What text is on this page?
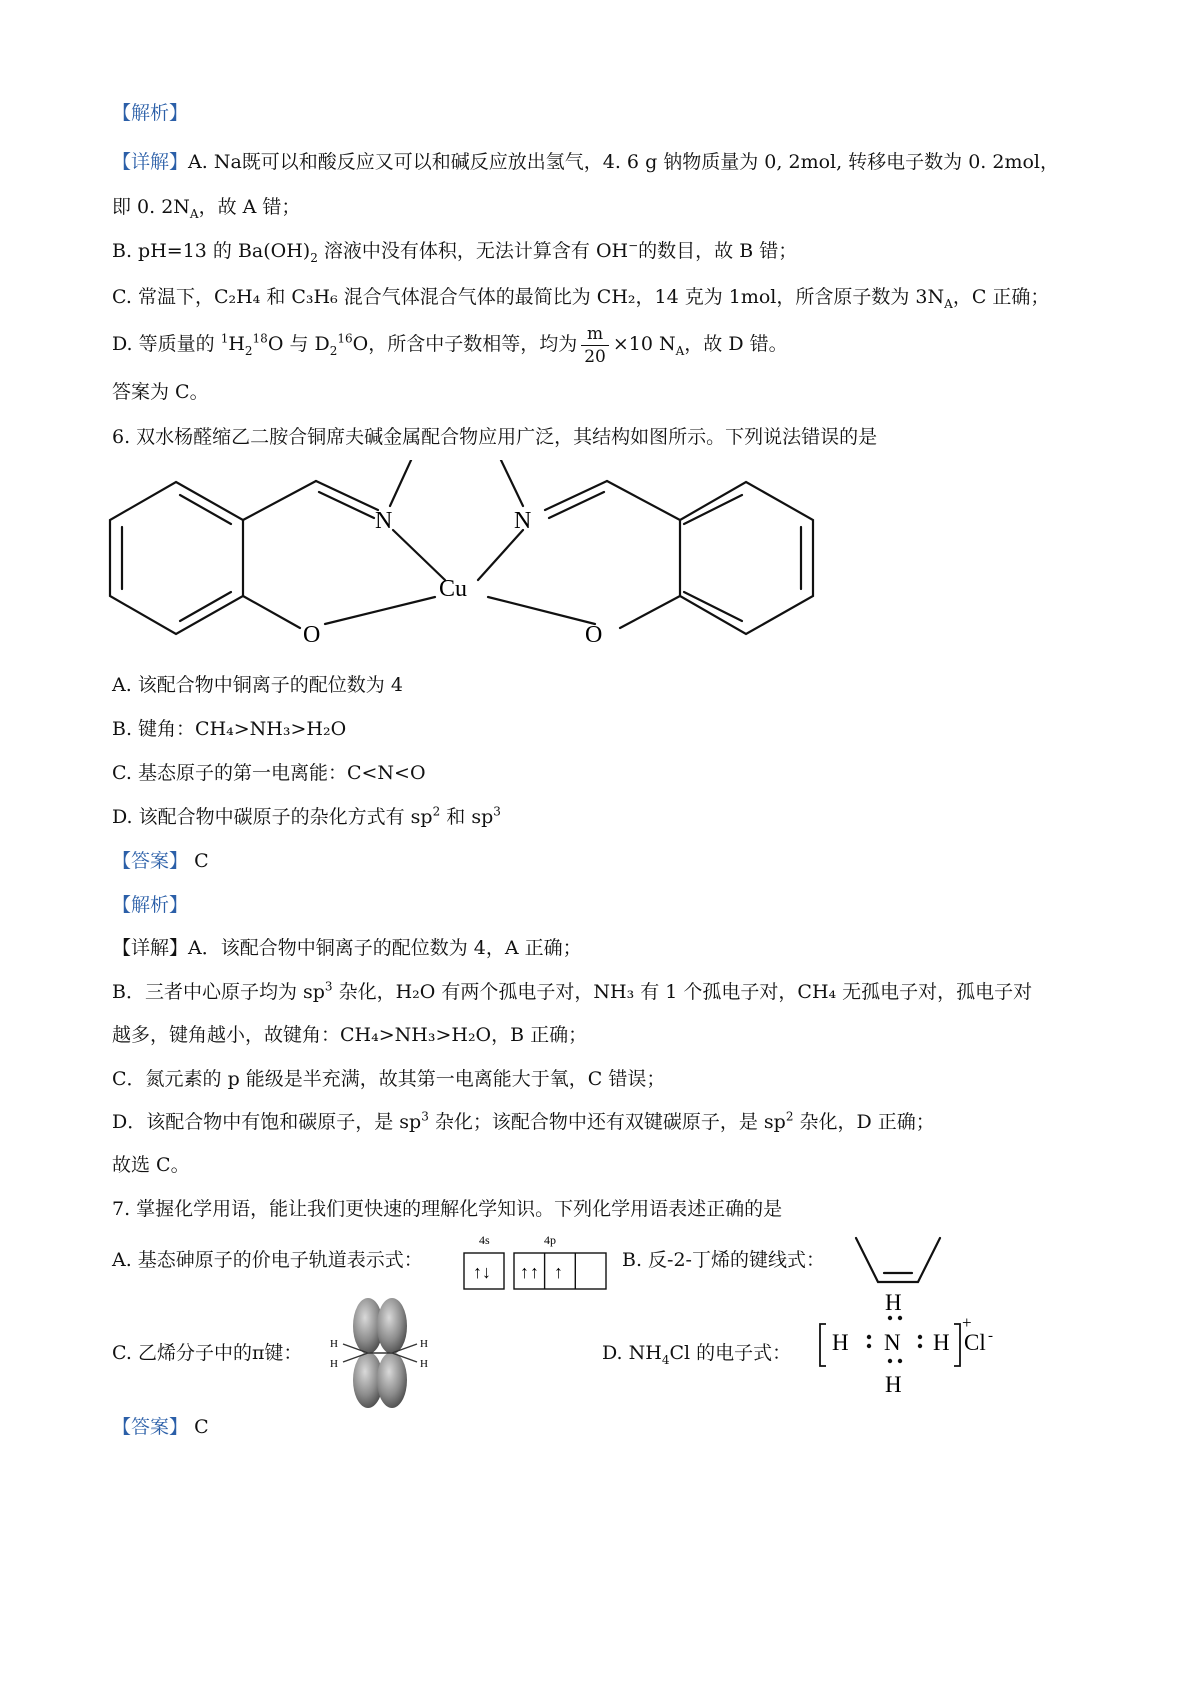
【解析】
【详解】A. Na既可以和酸反应又可以和碱反应放出氢气，4. 6 g 钠物质量为 0, 2mol, 转移电子数为 0. 2mol，
即 0. $2N_A$，故 A 错；
B. pH=13 的 $Ba(OH)_2$ 溶液中没有体积，无法计算含有 OH−的数目，故 B 错；
C. 常温下，C₂H₄ 和 C₃H₆ 混合气体混合气体的最简比为 CH₂，14 克为 1mol，所含原子数为 $3N_A$，C 正确；
D. 等质量的 $^1H_2^{18}O$ 与 $D_2^{16}O$，所含中子数相等，均为 $\frac{m}{20} \times 10$ $N_A$，故 D 错。
答案为 C。
6. 双水杨醛缩乙二胺合铜席夫碱金属配合物应用广泛，其结构如图所示。下列说法错误的是
N	N
Cu
O	O
A. 该配合物中铜离子的配位数为 4
B. 键角：CH₄>NH₃>H₂O
C. 基态原子的第一电离能：C<N<O
D. 该配合物中碳原子的杂化方式有 $sp^2$ 和 $sp^3$
【答案】 C
【解析】
【详解】A．该配合物中铜离子的配位数为 4，A 正确；
B．三者中心原子均为 $sp^3$ 杂化，H₂O 有两个孤电子对，NH₃ 有 1 个孤电子对，CH₄ 无孤电子对，孤电子对
越多，键角越小，故键角：CH₄>NH₃>H₂O，B 正确；
C．氮元素的 p 能级是半充满，故其第一电离能大于氧，C 错误；
D．该配合物中有饱和碳原子，是 $sp^3$ 杂化；该配合物中还有双键碳原子，是 $sp^2$ 杂化，D 正确；
故选 C。
7. 掌握化学用语，能让我们更快速的理解化学知识。下列化学用语表述正确的是
A. 基态砷原子的价电子轨道表示式：
4s	4p
↑↓ ↑ ↑ ↑
B. 反-2-丁烯的键线式：
C. 乙烯分子中的π键：	H
H
H
H	D. $NH_4Cl$ 的电子式：
H
H N H
H
+
Cl -
【答案】 C
